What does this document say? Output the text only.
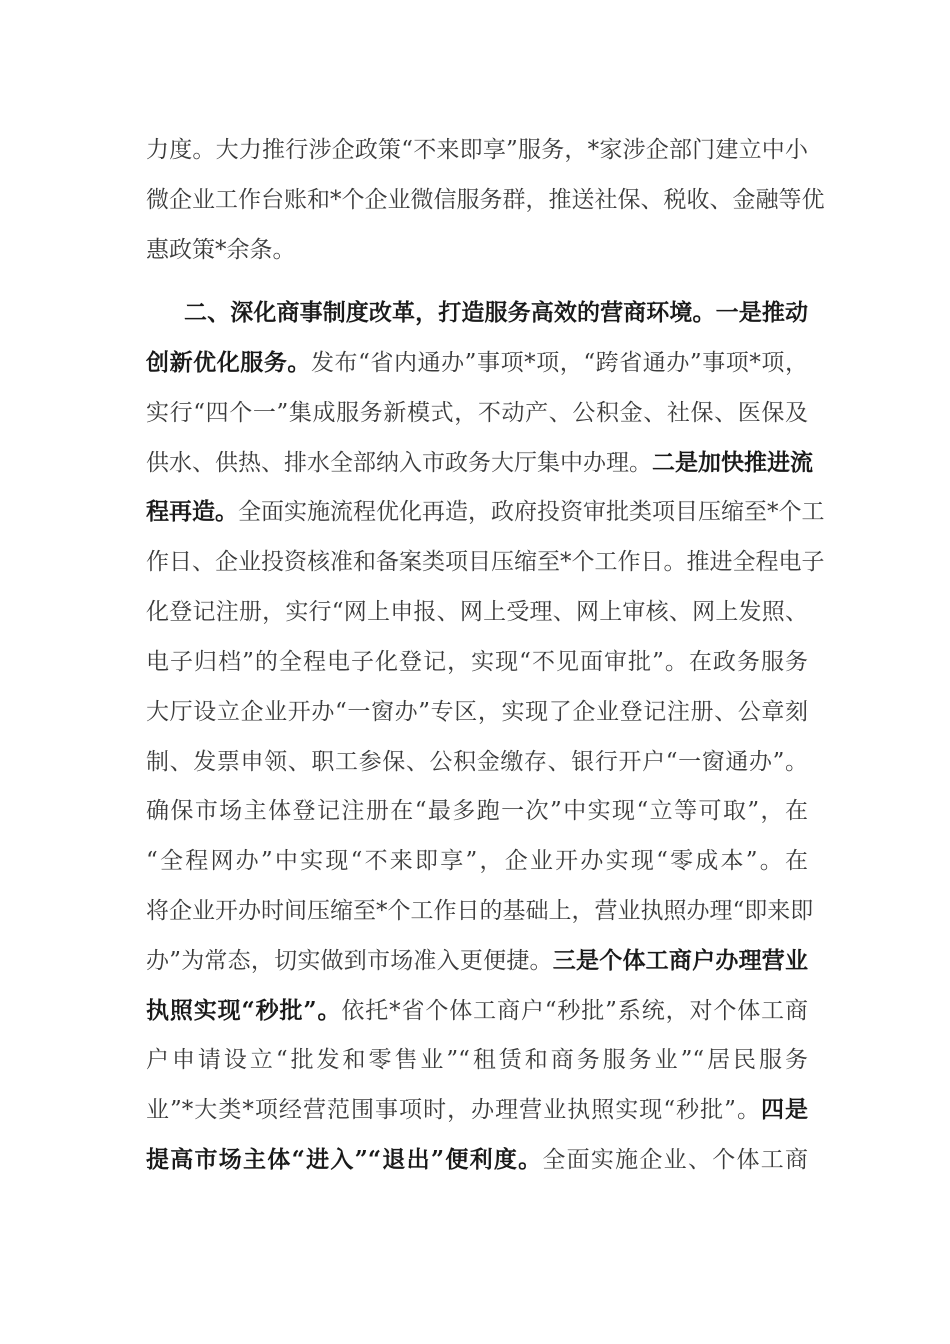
力度。大力推行涉企政策“不来即享”服务，*家涉企部门建立中小
微企业工作台账和*个企业微信服务群，推送社保、税收、金融等优
惠政策*余条。
二、深化商事制度改革，打造服务高效的营商环境。一是推动
创新优化服务。发布“省内通办”事项*项，“跨省通办”事项*项，
实行“四个一”集成服务新模式，不动产、公积金、社保、医保及
供水、供热、排水全部纳入市政务大厅集中办理。二是加快推进流
程再造。全面实施流程优化再造，政府投资审批类项目压缩至*个工
作日、企业投资核准和备案类项目压缩至*个工作日。推进全程电子
化登记注册，实行“网上申报、网上受理、网上审核、网上发照、
电子归档”的全程电子化登记，实现“不见面审批”。在政务服务
大厅设立企业开办“一窗办”专区，实现了企业登记注册、公章刻
制、发票申领、职工参保、公积金缴存、银行开户“一窗通办”。
确保市场主体登记注册在“最多跑一次”中实现“立等可取”，在
“全程网办”中实现“不来即享”，企业开办实现“零成本”。在
将企业开办时间压缩至*个工作日的基础上，营业执照办理“即来即
办”为常态，切实做到市场准入更便捷。三是个体工商户办理营业
执照实现“秒批”。依托*省个体工商户“秒批”系统，对个体工商
户申请设立“批发和零售业”“租赁和商务服务业”“居民服务
业”*大类*项经营范围事项时，办理营业执照实现“秒批”。四是
提高市场主体“进入”“退出”便利度。全面实施企业、个体工商
